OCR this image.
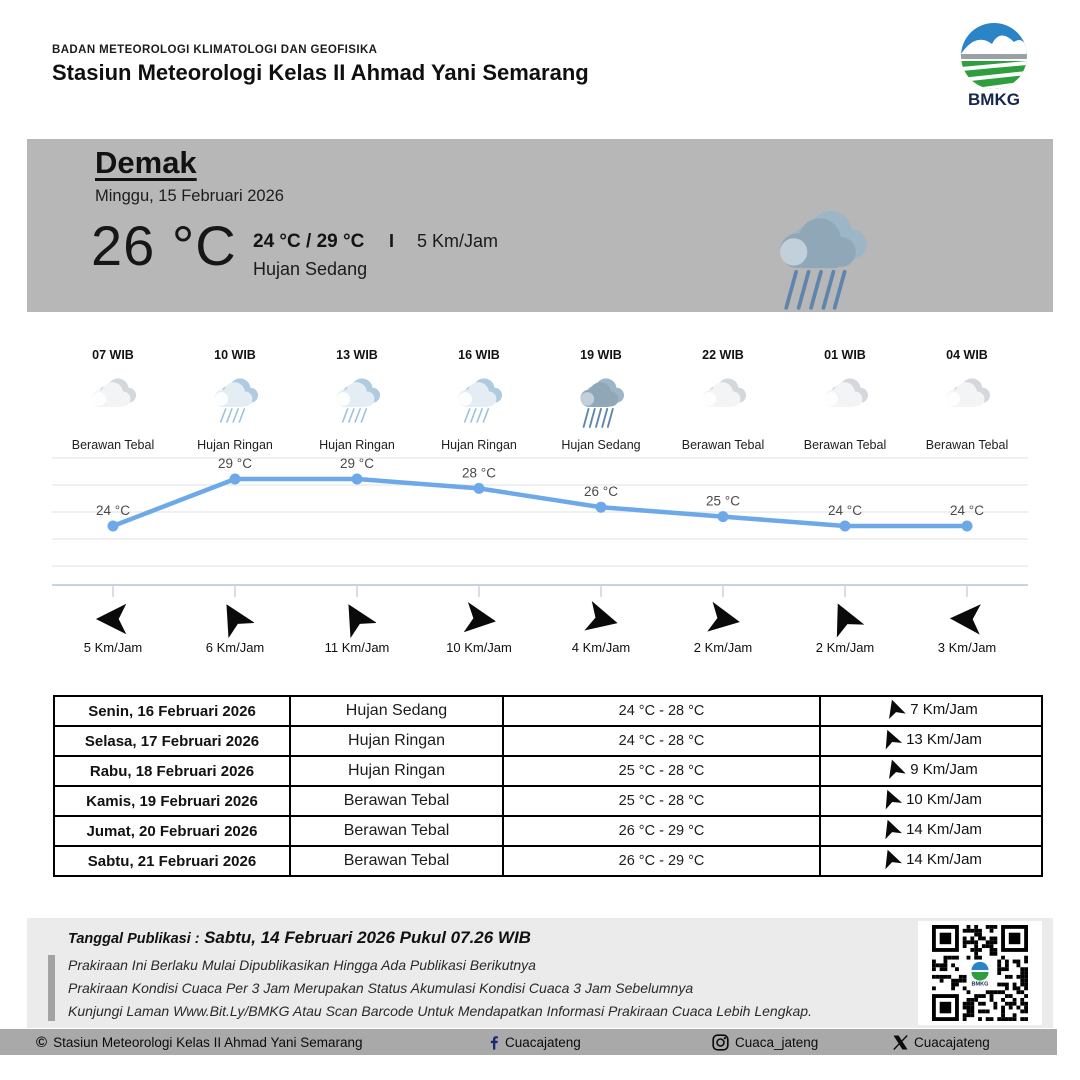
BADAN METEOROLOGI KLIMATOLOGI DAN GEOFISIKA
Stasiun Meteorologi Kelas II Ahmad Yani Semarang
BMKG
Demak
Minggu, 15 Februari 2026
26 °C 24 °C / 29 °C
Hujan Sedang
I 5 Km/Jam
07 WIB
Berawan Tebal
10 WIB
Hujan Ringan
13 WIB
Hujan Ringan
16 WIB
Hujan Ringan
19 WIB
Hujan Sedang
22 WIB
Berawan Tebal
01 WIB
Berawan Tebal
04 WIB
Berawan Tebal
24 °C
29 °C	29 °C
28 °C
26 °C
25 °C
24 °C	24 °C
5 Km/Jam	6 Km/Jam	11 Km/Jam	10 Km/Jam	4 Km/Jam	2 Km/Jam	2 Km/Jam	3 Km/Jam
Senin, 16 Februari 2026	Hujan Sedang	24 °C - 28 °C	7 Km/Jam

Selasa, 17 Februari 2026	Hujan Ringan	24 °C - 28 °C	13 Km/Jam

Rabu, 18 Februari 2026	Hujan Ringan	25 °C - 28 °C	9 Km/Jam

Kamis, 19 Februari 2026	Berawan Tebal	25 °C - 28 °C	10 Km/Jam

Jumat, 20 Februari 2026	Berawan Tebal	26 °C - 29 °C	14 Km/Jam

Sabtu, 21 Februari 2026	Berawan Tebal	26 °C - 29 °C	14 Km/Jam
Tanggal Publikasi : Sabtu, 14 Februari 2026 Pukul 07.26 WIB
Prakiraan Ini Berlaku Mulai Dipublikasikan Hingga Ada Publikasi Berikutnya
Prakiraan Kondisi Cuaca Per 3 Jam Merupakan Status Akumulasi Kondisi Cuaca 3 Jam Sebelumnya
Kunjungi Laman Www.Bit.Ly/BMKG Atau Scan Barcode Untuk Mendapatkan Informasi Prakiraan Cuaca Lebih Lengkap.
BMKG
© Stasiun Meteorologi Kelas II Ahmad Yani Semarang	Cuacajateng	Cuaca_jateng	Cuacajateng
